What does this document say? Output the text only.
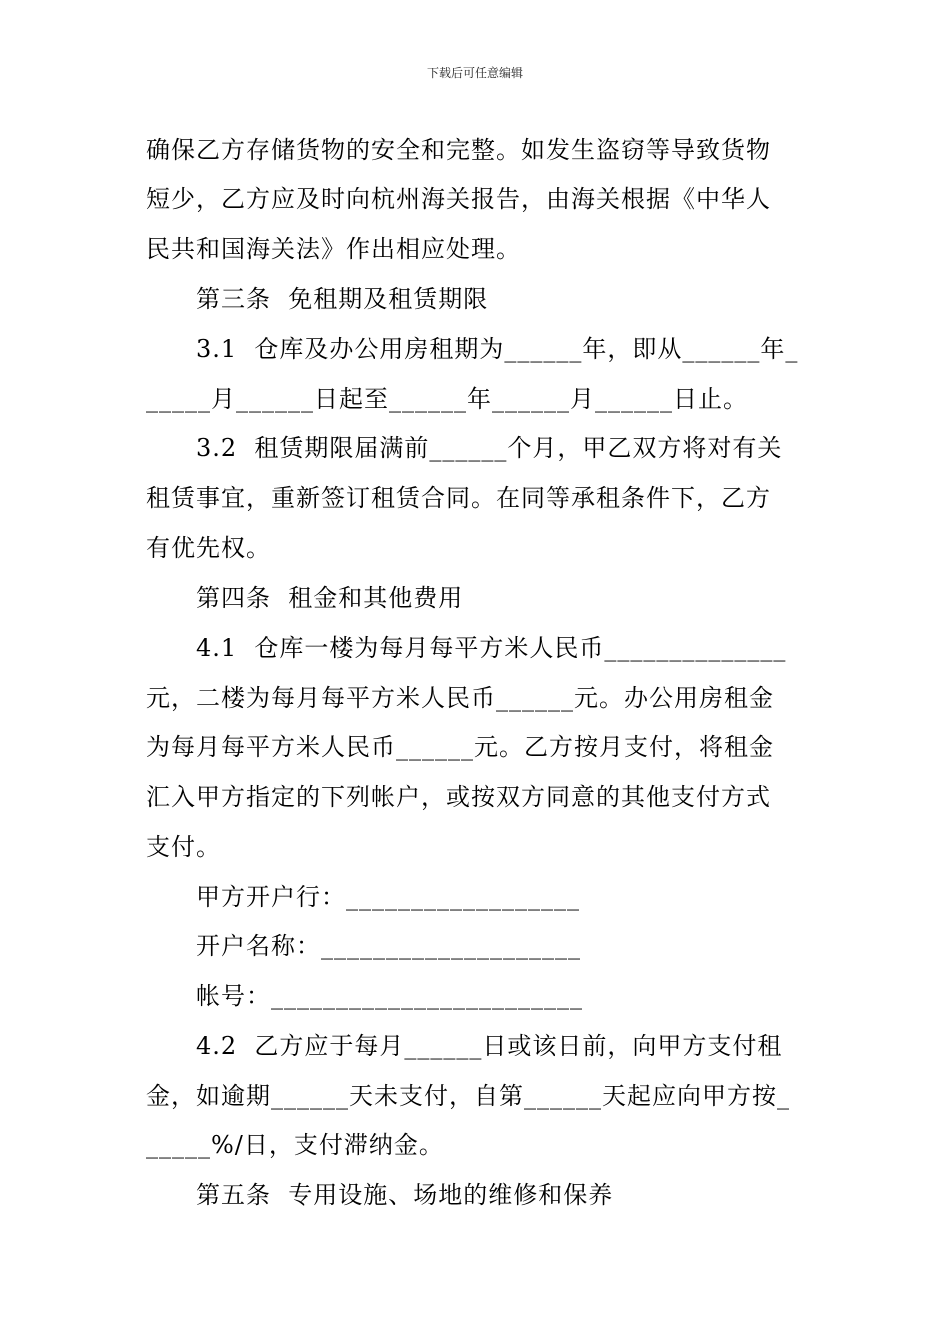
下载后可任意编辑
确保乙方存储货物的安全和完整。如发生盗窃等导致货物
短少，乙方应及时向杭州海关报告，由海关根据《中华人
民共和国海关法》作出相应处理。
第三条  免租期及租赁期限
3.1  仓库及办公用房租期为______年，即从______年_
_____月______日起至______年______月______日止。
3.2  租赁期限届满前______个月，甲乙双方将对有关
租赁事宜，重新签订租赁合同。在同等承租条件下，乙方
有优先权。
第四条  租金和其他费用
4.1  仓库一楼为每月每平方米人民币______________
元，二楼为每月每平方米人民币______元。办公用房租金
为每月每平方米人民币______元。乙方按月支付，将租金
汇入甲方指定的下列帐户，或按双方同意的其他支付方式
支付。
甲方开户行：__________________
开户名称：____________________
帐号：________________________
4.2  乙方应于每月______日或该日前，向甲方支付租
金，如逾期______天未支付，自第______天起应向甲方按_
_____%/日，支付滞纳金。
第五条  专用设施、场地的维修和保养
